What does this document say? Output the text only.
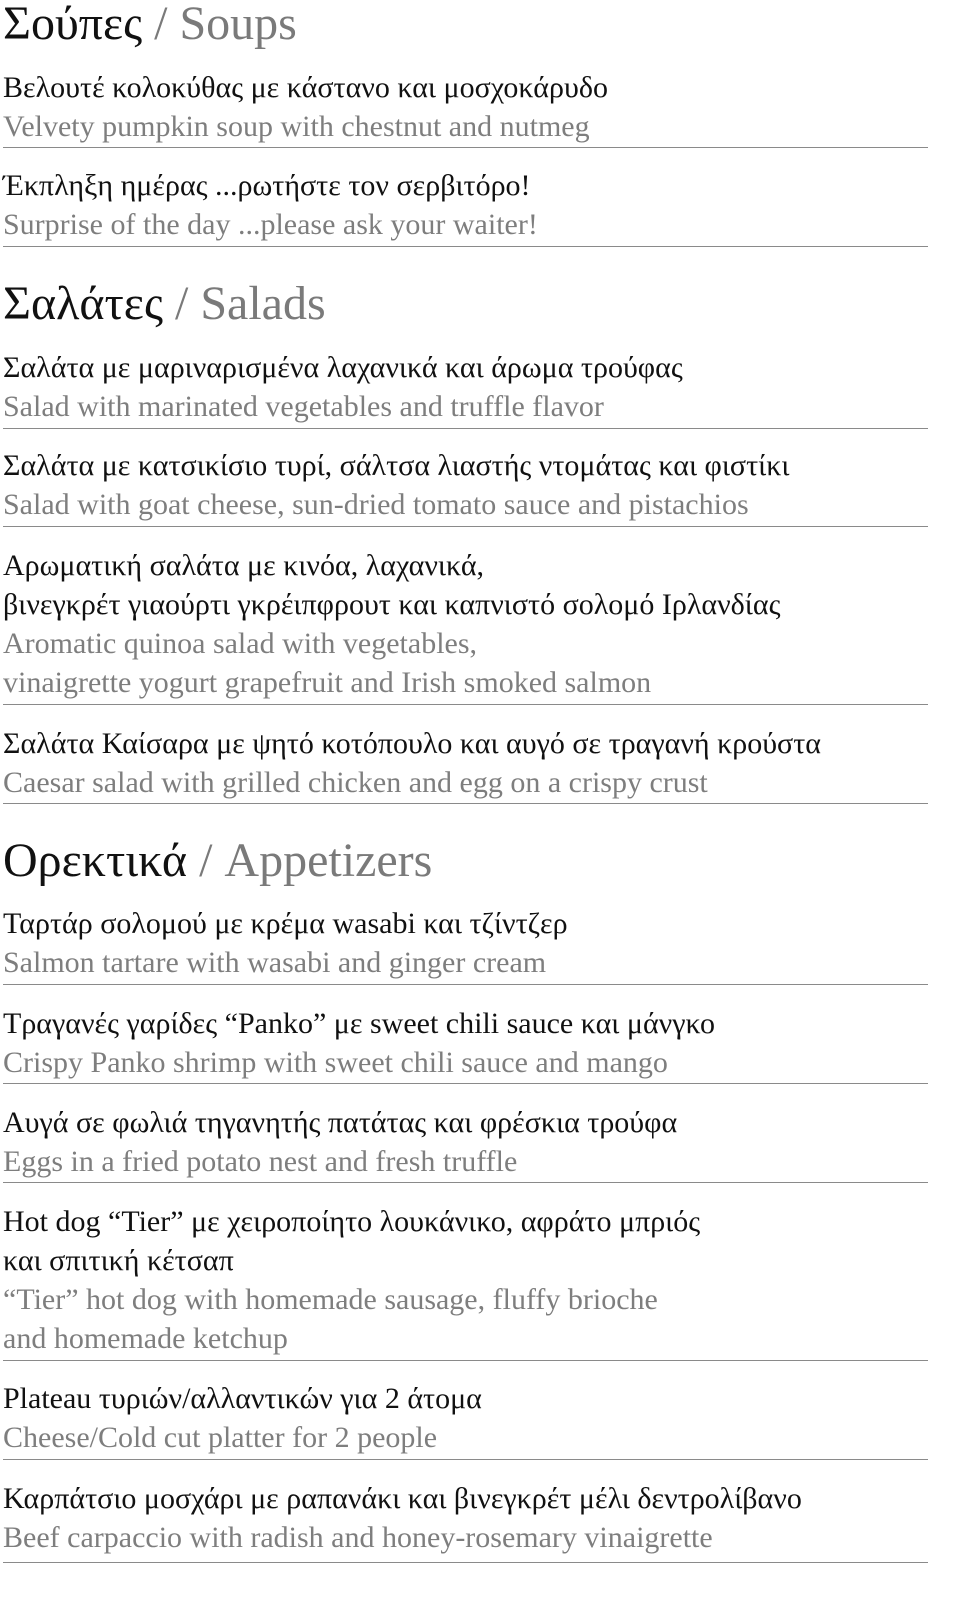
Σούπες / Soups
Βελουτέ κολοκύθας με κάστανο και μοσχοκάρυδο
Velvety pumpkin soup with chestnut and nutmeg
Έκπληξη ημέρας ...ρωτήστε τον σερβιτόρο!
Surprise of the day ...please ask your waiter!
Σαλάτες / Salads
Σαλάτα με μαριναρισμένα λαχανικά και άρωμα τρούφας
Salad with marinated vegetables and truffle flavor
Σαλάτα με κατσικίσιο τυρί, σάλτσα λιαστής ντομάτας και φιστίκι
Salad with goat cheese, sun-dried tomato sauce and pistachios
Αρωματική σαλάτα με κινόα, λαχανικά,
βινεγκρέτ γιαούρτι γκρέιπφρουτ και καπνιστό σολομό Ιρλανδίας
Aromatic quinoa salad with vegetables,
vinaigrette yogurt grapefruit and Irish smoked salmon
Σαλάτα Καίσαρα με ψητό κοτόπουλο και αυγό σε τραγανή κρούστα
Caesar salad with grilled chicken and egg on a crispy crust
Ορεκτικά / Appetizers
Ταρτάρ σολομού με κρέμα wasabi και τζίντζερ
Salmon tartare with wasabi and ginger cream
Τραγανές γαρίδες “Panko” με sweet chili sauce και μάνγκο
Crispy Panko shrimp with sweet chili sauce and mango
Αυγά σε φωλιά τηγανητής πατάτας και φρέσκια τρούφα
Eggs in a fried potato nest and fresh truffle
Hot dog “Tier” με χειροποίητο λουκάνικο, αφράτο μπριός
και σπιτική κέτσαπ
“Tier” hot dog with homemade sausage, fluffy brioche
and homemade ketchup
Plateau τυριών/αλλαντικών για 2 άτομα
Cheese/Cold cut platter for 2 people
Καρπάτσιο μοσχάρι με ραπανάκι και βινεγκρέτ μέλι δεντρολίβανο
Beef carpaccio with radish and honey-rosemary vinaigrette
